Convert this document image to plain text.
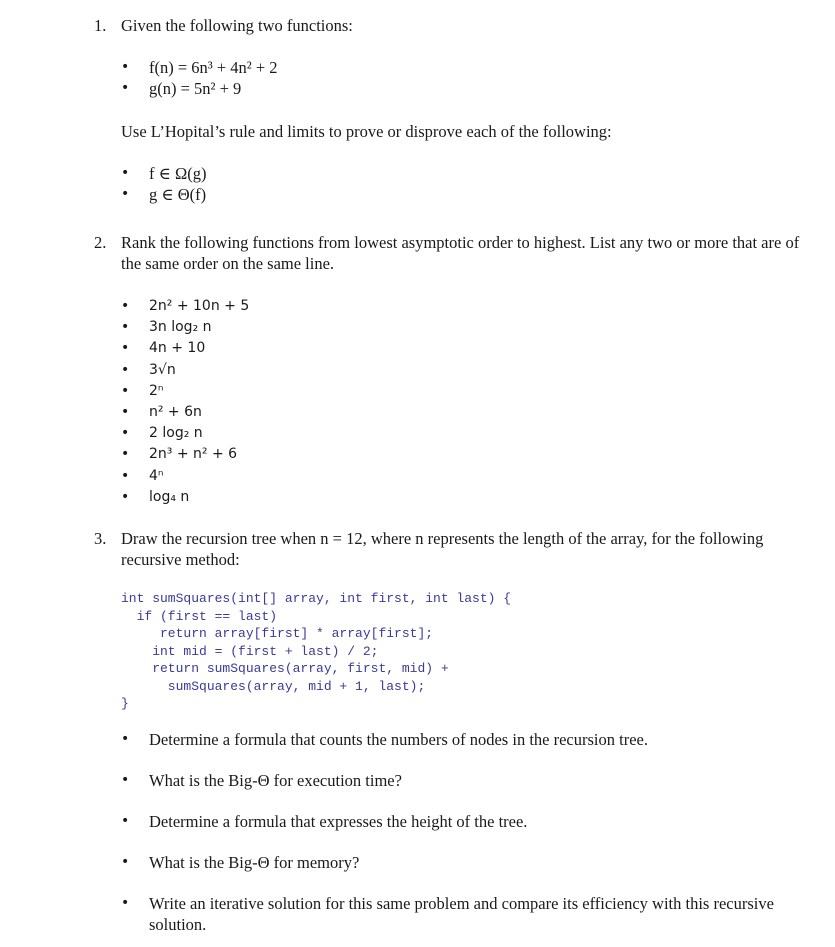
1. Given the following two functions:

• f(n) = 6n³ + 4n² + 2
• g(n) = 5n² + 9

Use L’Hopital’s rule and limits to prove or disprove each of the following:

• f ∈ Ω(g)
• g ∈ Θ(f)
2. Rank the following functions from lowest asymptotic order to highest. List any two or more that are of the same order on the same line.

• 2n² + 10n + 5
• 3n log₂ n
• 4n + 10
• 3√n
• 2ⁿ
• n² + 6n
• 2 log₂ n
• 2n³ + n² + 6
• 4ⁿ
• log₄ n
3. Draw the recursion tree when n = 12, where n represents the length of the array, for the following recursive method:

int sumSquares(int[] array, int first, int last) {
if (first == last)
return array[first] * array[first];
int mid = (first + last) / 2;
return sumSquares(array, first, mid) +
sumSquares(array, mid + 1, last);
}
• Determine a formula that counts the numbers of nodes in the recursion tree.
• What is the Big-Θ for execution time?
• Determine a formula that expresses the height of the tree.
• What is the Big-Θ for memory?
• Write an iterative solution for this same problem and compare its efficiency with this recursive solution.
